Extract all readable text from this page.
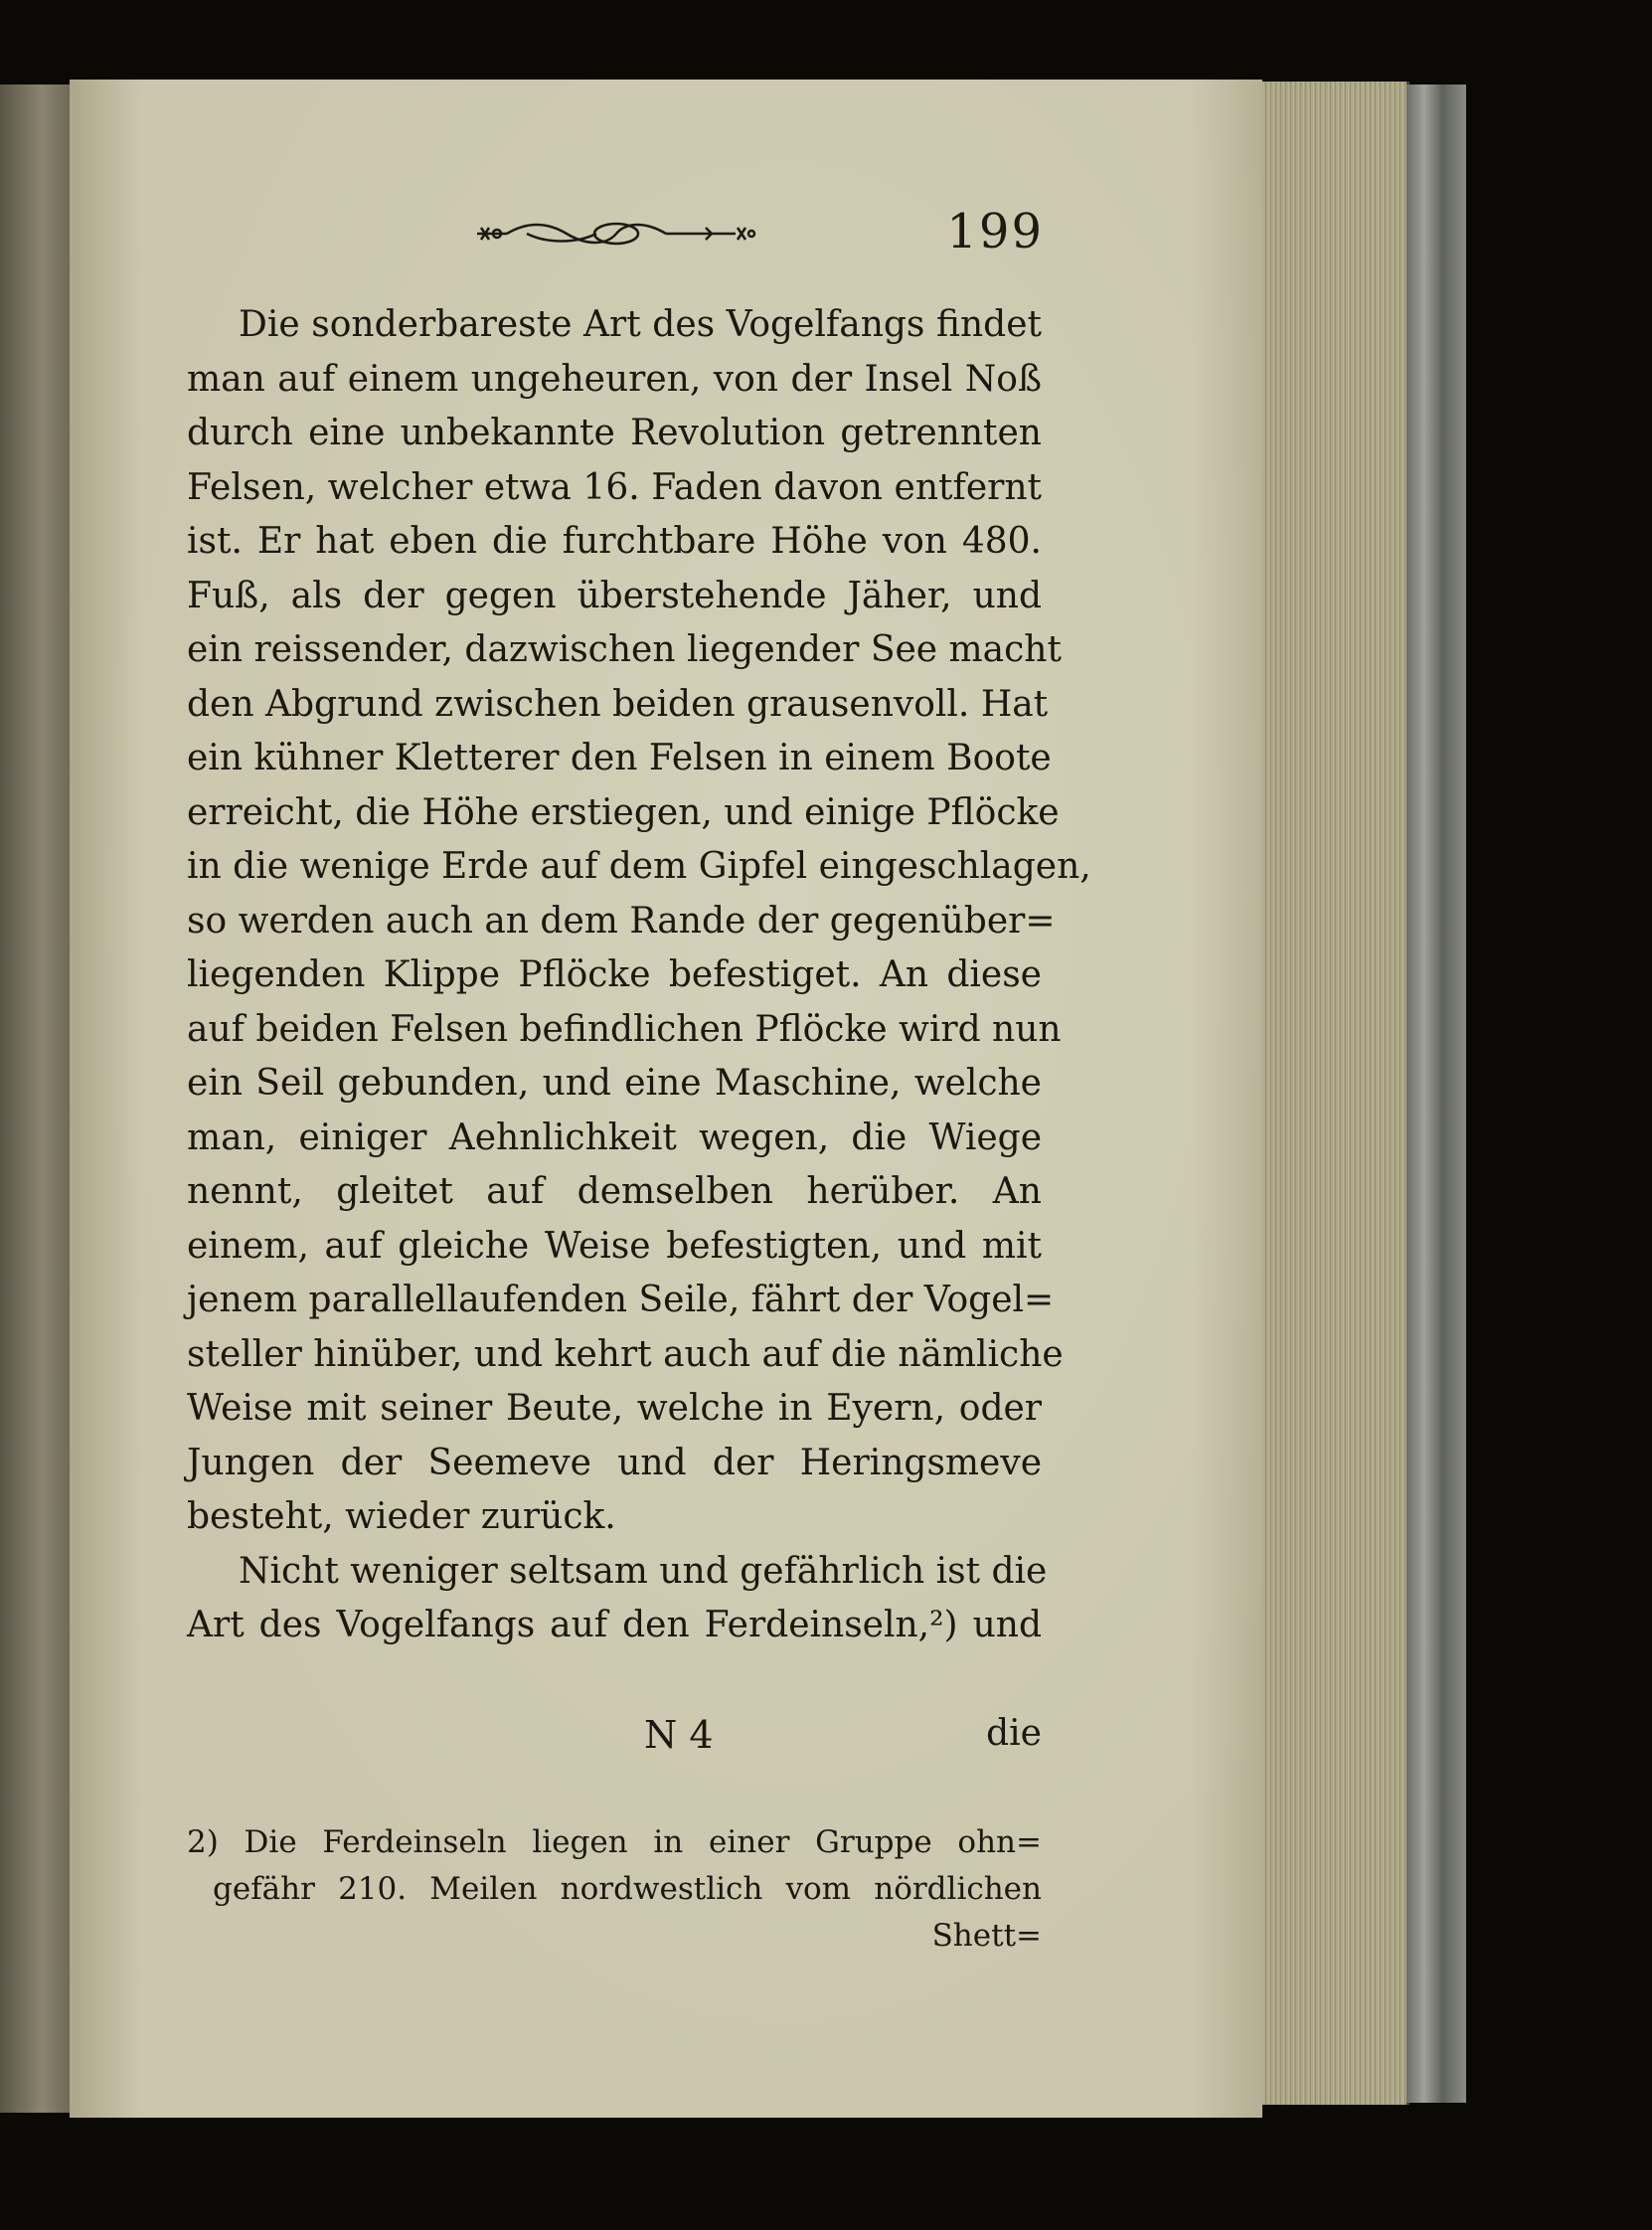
199
Die sonderbareste Art des Vogelfangs findet
man auf einem ungeheuren, von der Insel Noß
durch eine unbekannte Revolution getrennten
Felsen, welcher etwa 16. Faden davon entfernt
ist. Er hat eben die furchtbare Höhe von 480.
Fuß, als der gegen überstehende Jäher, und
ein reissender, dazwischen liegender See macht
den Abgrund zwischen beiden grausenvoll. Hat
ein kühner Kletterer den Felsen in einem Boote
erreicht, die Höhe erstiegen, und einige Pflöcke
in die wenige Erde auf dem Gipfel eingeschlagen,
so werden auch an dem Rande der gegenüber=
liegenden Klippe Pflöcke befestiget. An diese
auf beiden Felsen befindlichen Pflöcke wird nun
ein Seil gebunden, und eine Maschine, welche
man, einiger Aehnlichkeit wegen, die Wiege
nennt, gleitet auf demselben herüber. An
einem, auf gleiche Weise befestigten, und mit
jenem parallellaufenden Seile, fährt der Vogel=
steller hinüber, und kehrt auch auf die nämliche
Weise mit seiner Beute, welche in Eyern, oder
Jungen der Seemeve und der Heringsmeve
besteht, wieder zurück.
Nicht weniger seltsam und gefährlich ist die
Art des Vogelfangs auf den Ferdeinseln,²) und
N 4	die
2) Die Ferdeinseln liegen in einer Gruppe ohn=
gefähr 210. Meilen nordwestlich vom nördlichen
Shett=
